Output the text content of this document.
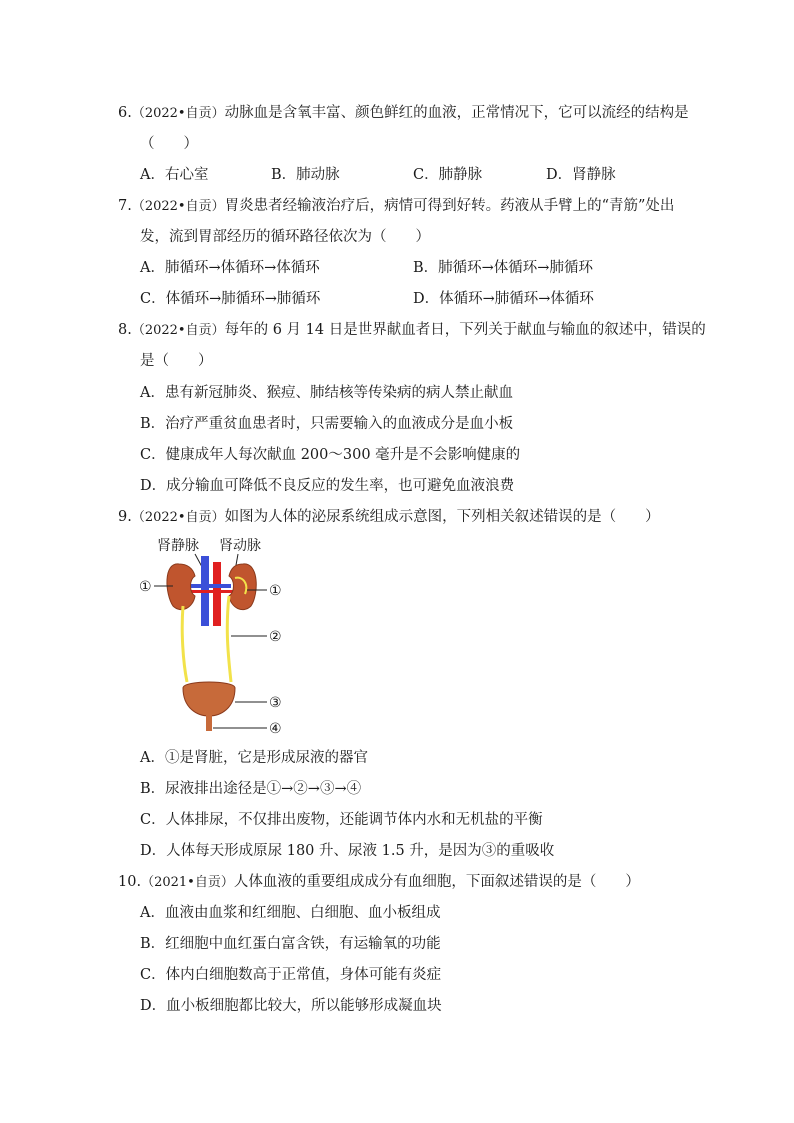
6.（2022•自贡）动脉血是含氧丰富、颜色鲜红的血液，正常情况下，它可以流经的结构是
（　　）
A．右心室	B．肺动脉	C．肺静脉	D．肾静脉
7.（2022•自贡）胃炎患者经输液治疗后，病情可得到好转。药液从手臂上的“青筋”处出
发，流到胃部经历的循环路径依次为（　　）
A．肺循环→体循环→体循环	B．肺循环→体循环→肺循环
C．体循环→肺循环→肺循环	D．体循环→肺循环→体循环
8.（2022•自贡）每年的 6 月 14 日是世界献血者日，下列关于献血与输血的叙述中，错误的
是（　　）
A．患有新冠肺炎、猴痘、肺结核等传染病的病人禁止献血
B．治疗严重贫血患者时，只需要输入的血液成分是血小板
C．健康成年人每次献血 200～300 毫升是不会影响健康的
D．成分输血可降低不良反应的发生率，也可避免血液浪费
9.（2022•自贡）如图为人体的泌尿系统组成示意图，下列相关叙述错误的是（　　）
肾静脉 肾动脉
①	①
②
③
④
A．①是肾脏，它是形成尿液的器官
B．尿液排出途径是①→②→③→④
C．人体排尿，不仅排出废物，还能调节体内水和无机盐的平衡
D．人体每天形成原尿 180 升、尿液 1.5 升，是因为③的重吸收
10.（2021•自贡）人体血液的重要组成成分有血细胞，下面叙述错误的是（　　）
A．血液由血浆和红细胞、白细胞、血小板组成
B．红细胞中血红蛋白富含铁，有运输氧的功能
C．体内白细胞数高于正常值，身体可能有炎症
D．血小板细胞都比较大，所以能够形成凝血块
